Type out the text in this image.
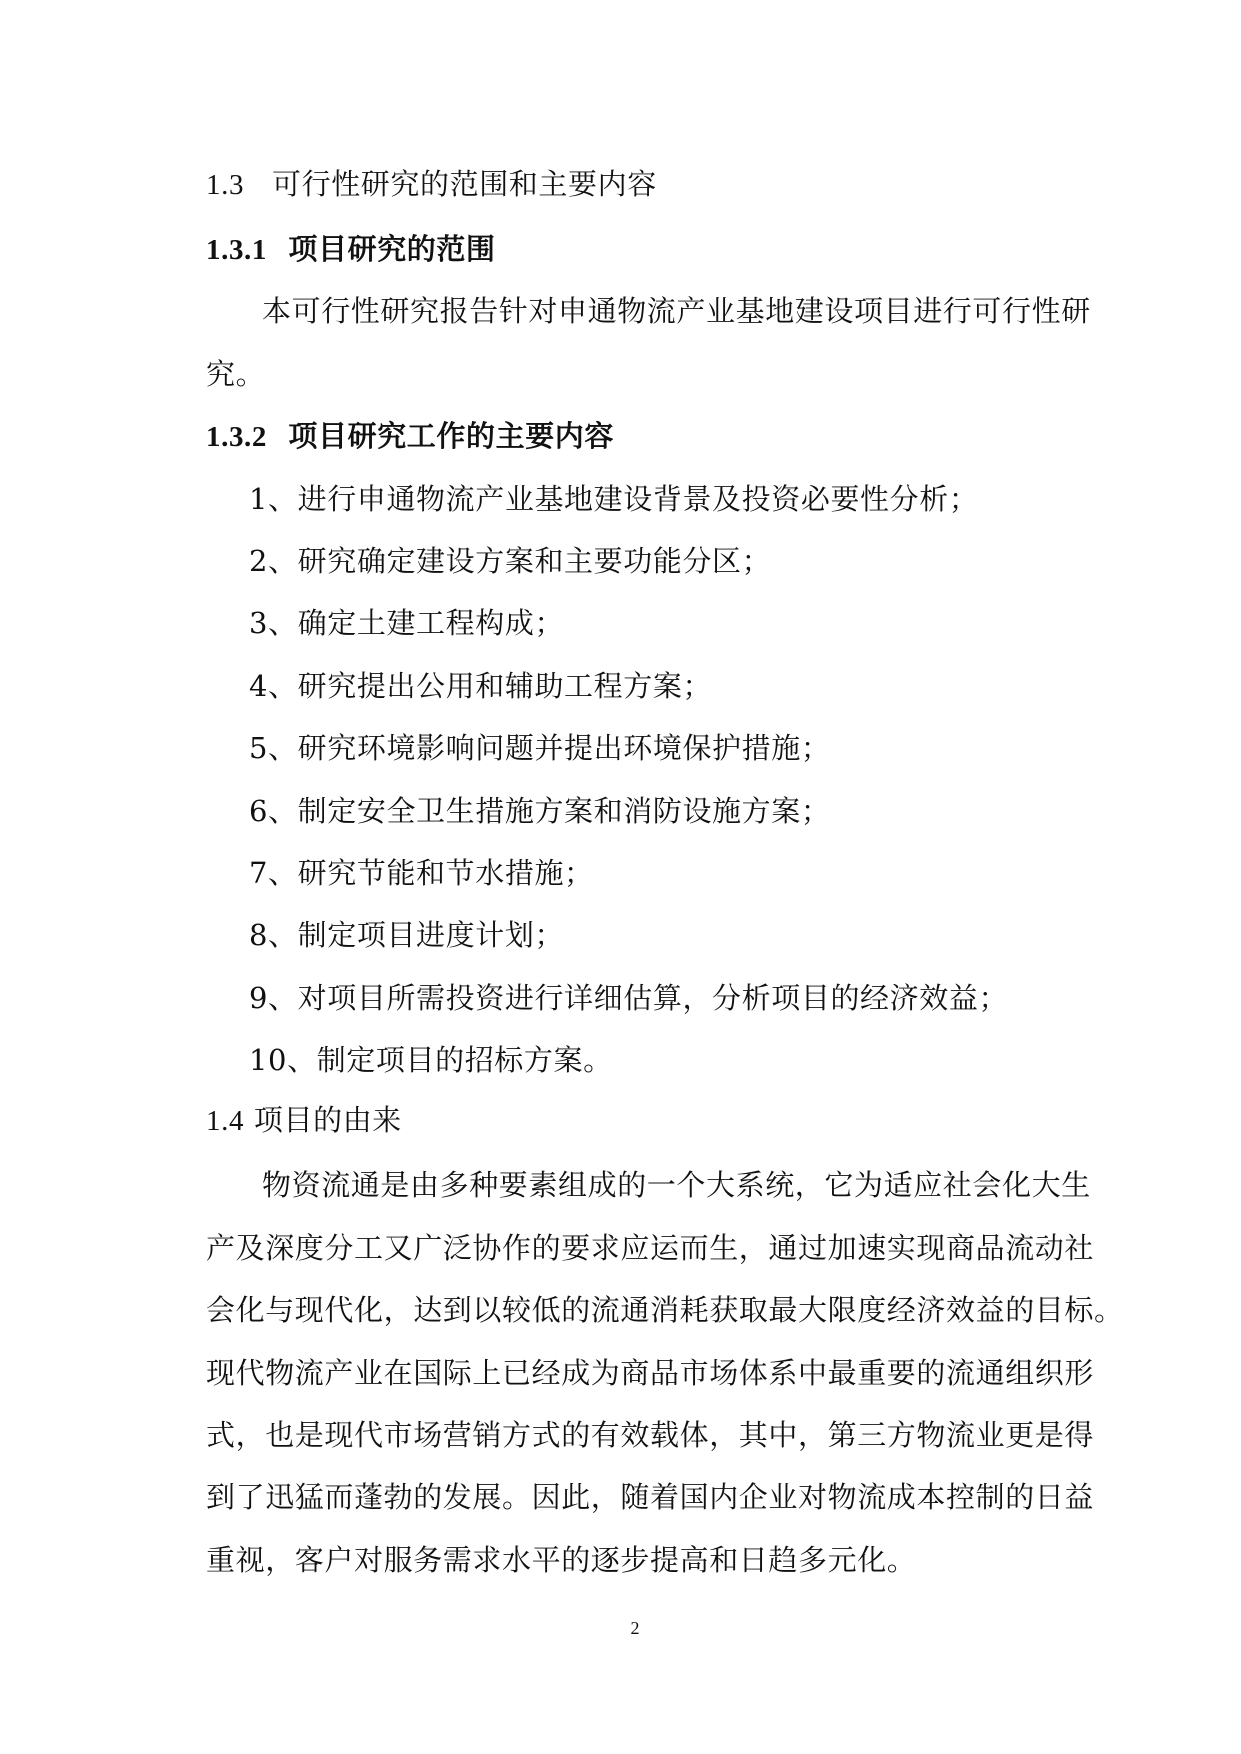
1.3 可行性研究的范围和主要内容
1.3.1 项目研究的范围
本可行性研究报告针对申通物流产业基地建设项目进行可行性研
究。
1.3.2 项目研究工作的主要内容
1、进行申通物流产业基地建设背景及投资必要性分析；
2、研究确定建设方案和主要功能分区；
3、确定土建工程构成；
4、研究提出公用和辅助工程方案；
5、研究环境影响问题并提出环境保护措施；
6、制定安全卫生措施方案和消防设施方案；
7、研究节能和节水措施；
8、制定项目进度计划；
9、对项目所需投资进行详细估算，分析项目的经济效益；
10、制定项目的招标方案。
1.4 项目的由来
物资流通是由多种要素组成的一个大系统，它为适应社会化大生
产及深度分工又广泛协作的要求应运而生，通过加速实现商品流动社
会化与现代化，达到以较低的流通消耗获取最大限度经济效益的目标。
现代物流产业在国际上已经成为商品市场体系中最重要的流通组织形
式，也是现代市场营销方式的有效载体，其中，第三方物流业更是得
到了迅猛而蓬勃的发展。因此，随着国内企业对物流成本控制的日益
重视，客户对服务需求水平的逐步提高和日趋多元化。
2
